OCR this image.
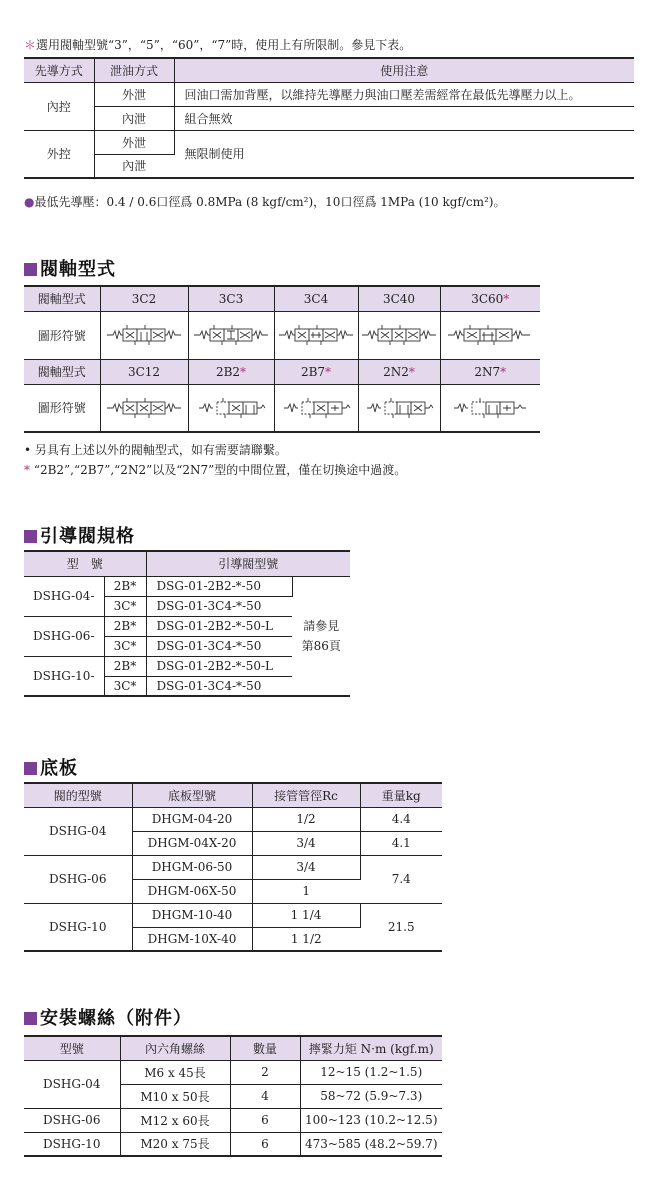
＊選用閥軸型號“3”，“5”，“60”，“7”時，使用上有所限制。參見下表。
先導方式	泄油方式	使用注意
內控	外泄	回油口需加背壓，以維持先導壓力與油口壓差需經常在最低先導壓力以上。
	內泄	組合無效
外控	外泄	無限制使用
	內泄	
●最低先導壓：0.4 / 0.6口徑爲 0.8MPa (8 kgf/cm²)，10口徑爲 1MPa (10 kgf/cm²)。
閥軸型式
閥軸型式	3C2	3C3	3C4	3C40	3C60*
圖形符號	

閥軸型式	3C12	2B2*	2B7*	2N2*	2N7*
圖形符號	

• 另具有上述以外的閥軸型式，如有需要請聯繫。
* “2B2”,“2B7”,“2N2”以及“2N7”型的中間位置，僅在切換途中過渡。
引導閥規格
型　號		引導閥型號	
DSHG-04-	2B*	DSG-01-2B2-*-50	請參見
第86頁
	3C*	DSG-01-3C4-*-50	
DSHG-06-	2B*	DSG-01-2B2-*-50-L	
	3C*	DSG-01-3C4-*-50	
DSHG-10-	2B*	DSG-01-2B2-*-50-L	
	3C*	DSG-01-3C4-*-50	
底板
閥的型號	底板型號	接管管徑Rc	重量kg
DSHG-04	DHGM-04-20	1/2	4.4
	DHGM-04X-20	3/4	4.1
DSHG-06	DHGM-06-50	3/4	7.4
	DHGM-06X-50	1	
DSHG-10	DHGM-10-40	1 1/4	21.5
	DHGM-10X-40	1 1/2	
安裝螺絲（附件）
型號	內六角螺絲	數量	擰緊力矩 N·m (kgf.m)
DSHG-04	M6 x 45長	2	12~15 (1.2~1.5)
	M10 x 50長	4	58~72 (5.9~7.3)
DSHG-06	M12 x 60長	6	100~123 (10.2~12.5)
DSHG-10	M20 x 75長	6	473~585 (48.2~59.7)
